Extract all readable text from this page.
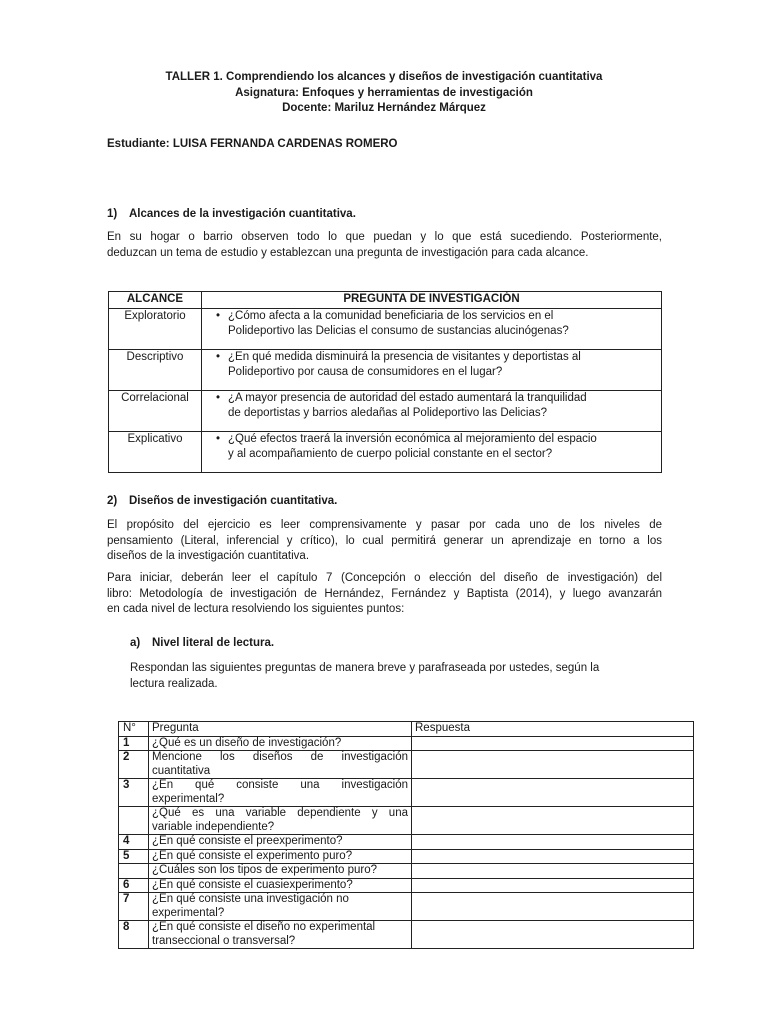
TALLER 1. Comprendiendo los alcances y diseños de investigación cuantitativa
Asignatura: Enfoques y herramientas de investigación
Docente: Mariluz Hernández Márquez
Estudiante: LUISA FERNANDA CARDENAS ROMERO
1) Alcances de la investigación cuantitativa.
En su hogar o barrio observen todo lo que puedan y lo que está sucediendo. Posteriormente,
deduzcan un tema de estudio y establezcan una pregunta de investigación para cada alcance.
ALCANCE	PREGUNTA DE INVESTIGACIÓN
Exploratorio	• ¿Cómo afecta a la comunidad beneficiaria de los servicios en el
Polideportivo las Delicias el consumo de sustancias alucinógenas?

Descriptivo	• ¿En qué medida disminuirá la presencia de visitantes y deportistas al
Polideportivo por causa de consumidores en el lugar?

Correlacional	• ¿A mayor presencia de autoridad del estado aumentará la tranquilidad
de deportistas y barrios aledañas al Polideportivo las Delicias?

Explicativo	• ¿Qué efectos traerá la inversión económica al mejoramiento del espacio
y al acompañamiento de cuerpo policial constante en el sector?
2) Diseños de investigación cuantitativa.
El propósito del ejercicio es leer comprensivamente y pasar por cada uno de los niveles de
pensamiento (Literal, inferencial y crítico), lo cual permitirá generar un aprendizaje en torno a los
diseños de la investigación cuantitativa.
Para iniciar, deberán leer el capítulo 7 (Concepción o elección del diseño de investigación) del
libro: Metodología de investigación de Hernández, Fernández y Baptista (2014), y luego avanzarán
en cada nivel de lectura resolviendo los siguientes puntos:
a) Nivel literal de lectura.
Respondan las siguientes preguntas de manera breve y parafraseada por ustedes, según la
lectura realizada.
N°	Pregunta	Respuesta
1	¿Qué es un diseño de investigación?	

2	Mencione los diseños de investigación
cuantitativa	

3	¿En qué consiste una investigación
experimental?	

	¿Qué es una variable dependiente y una
variable independiente?	

4	¿En qué consiste el preexperimento?	

5	¿En qué consiste el experimento puro?	

	¿Cuáles son los tipos de experimento puro?	

6	¿En qué consiste el cuasiexperimento?	

7	¿En qué consiste una investigación no
experimental?	

8	¿En qué consiste el diseño no experimental
transeccional o transversal?	
